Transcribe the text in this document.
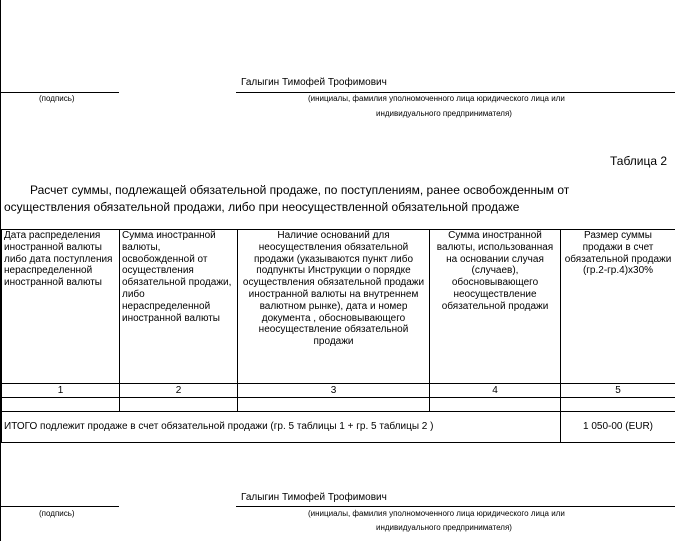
Галыгин Тимофей Трофимович
(подпись)	(инициалы, фамилия уполномоченного лица юридического лица или
индивидуального предпринимателя)
Таблица 2
Расчет суммы, подлежащей обязательной продаже, по поступлениям, ранее освобожденным от
осуществления обязательной продажи, либо при неосуществленной обязательной продаже
Дата распределения иностранной валюты либо дата поступления нераспределенной иностранной валюты	Сумма иностранной валюты, освобожденной от осуществления обязательной продажи, либо нераспределенной иностранной валюты	Наличие оснований для неосуществления обязательной продажи (указываются пункт либо подпункты Инструкции о порядке осуществления обязательной продажи иностранной валюты на внутреннем валютном рынке), дата и номер документа , обосновывающего неосуществление обязательной продажи	Сумма иностранной валюты, использованная на основании случая (случаев), обосновывающего неосуществление обязательной продажи	Размер суммы продажи в счет обязательной продажи (гр.2-гр.4)х30%
1	2	3	4	5

ИТОГО подлежит продаже в счет обязательной продажи (гр. 5 таблицы 1 + гр. 5 таблицы 2 )				1 050-00 (EUR)
Галыгин Тимофей Трофимович
(подпись)	(инициалы, фамилия уполномоченного лица юридического лица или
индивидуального предпринимателя)
